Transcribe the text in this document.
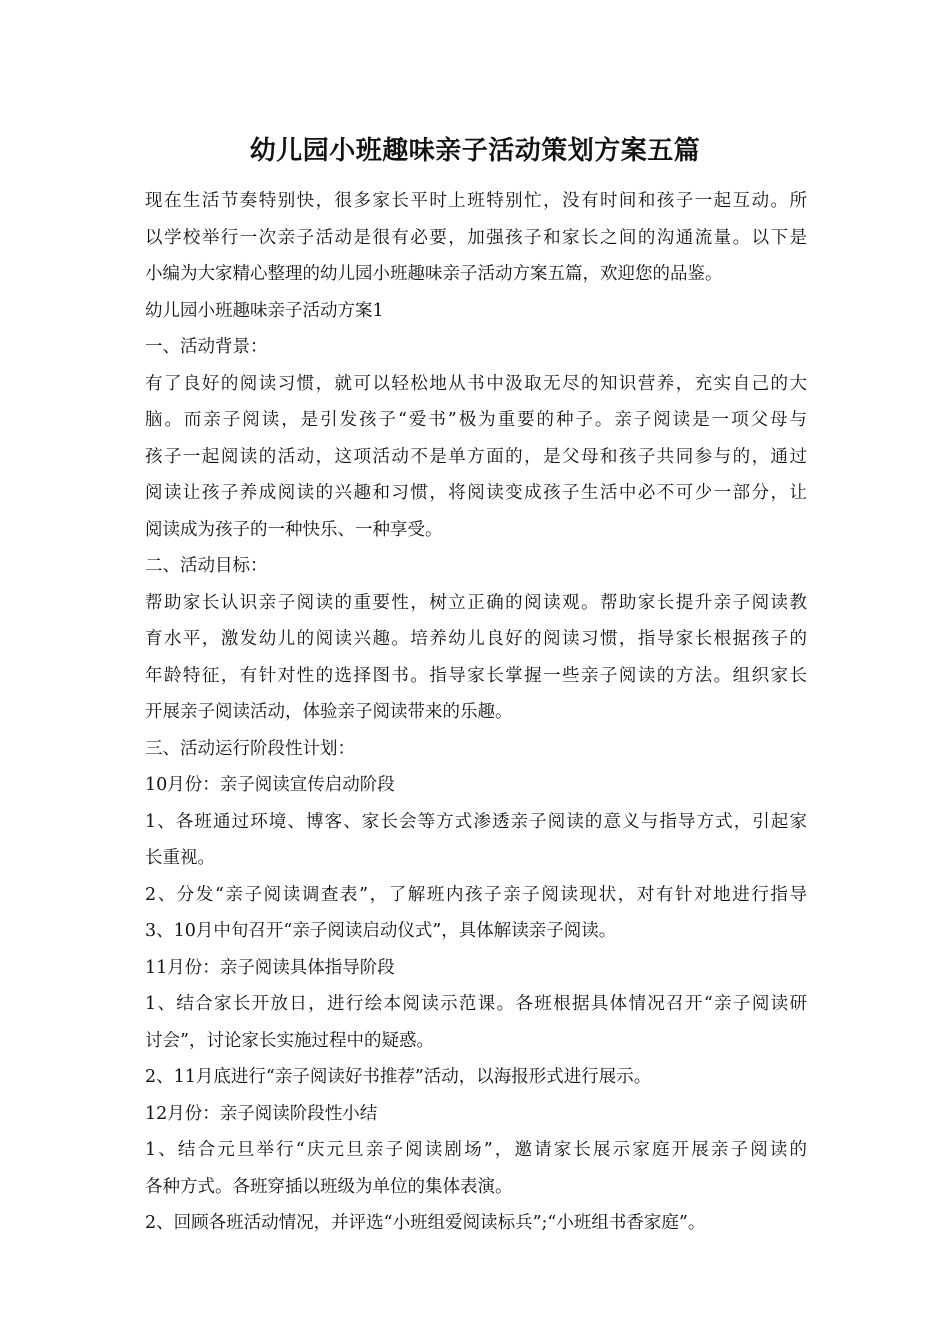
幼儿园小班趣味亲子活动策划方案五篇
现在生活节奏特别快，很多家长平时上班特别忙，没有时间和孩子一起互动。所
以学校举行一次亲子活动是很有必要，加强孩子和家长之间的沟通流量。以下是
小编为大家精心整理的幼儿园小班趣味亲子活动方案五篇，欢迎您的品鉴。
幼儿园小班趣味亲子活动方案1
一、活动背景：
有了良好的阅读习惯，就可以轻松地从书中汲取无尽的知识营养，充实自己的大
脑。而亲子阅读，是引发孩子“爱书”极为重要的种子。亲子阅读是一项父母与
孩子一起阅读的活动，这项活动不是单方面的，是父母和孩子共同参与的，通过
阅读让孩子养成阅读的兴趣和习惯，将阅读变成孩子生活中必不可少一部分，让
阅读成为孩子的一种快乐、一种享受。
二、活动目标：
帮助家长认识亲子阅读的重要性，树立正确的阅读观。帮助家长提升亲子阅读教
育水平，激发幼儿的阅读兴趣。培养幼儿良好的阅读习惯，指导家长根据孩子的
年龄特征，有针对性的选择图书。指导家长掌握一些亲子阅读的方法。组织家长
开展亲子阅读活动，体验亲子阅读带来的乐趣。
三、活动运行阶段性计划：
10月份：亲子阅读宣传启动阶段
1、各班通过环境、博客、家长会等方式渗透亲子阅读的意义与指导方式，引起家
长重视。
2、分发“亲子阅读调查表”，了解班内孩子亲子阅读现状，对有针对地进行指导
3、10月中旬召开“亲子阅读启动仪式”，具体解读亲子阅读。
11月份：亲子阅读具体指导阶段
1、结合家长开放日，进行绘本阅读示范课。各班根据具体情况召开“亲子阅读研
讨会”，讨论家长实施过程中的疑惑。
2、11月底进行“亲子阅读好书推荐”活动，以海报形式进行展示。
12月份：亲子阅读阶段性小结
1、结合元旦举行“庆元旦亲子阅读剧场”，邀请家长展示家庭开展亲子阅读的
各种方式。各班穿插以班级为单位的集体表演。
2、回顾各班活动情况，并评选“小班组爱阅读标兵”;“小班组书香家庭”。
